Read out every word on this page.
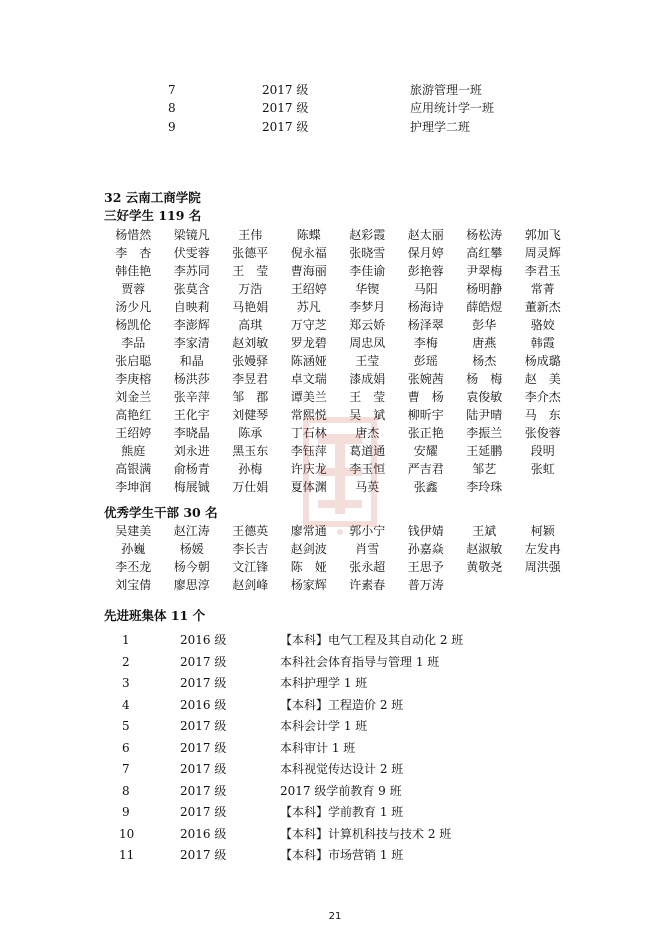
7	2017 级	旅游管理一班
8	2017 级	应用统计学一班
9	2017 级	护理学二班
32 云南工商学院
三好学生 119 名
杨惜然	梁镜凡	王伟	陈蝶	赵彩霞	赵太丽	杨松涛	郭加飞
李　杏	伏雯蓉	张德平	倪永福	张晓雪	保月婷	高红攀	周灵辉
韩佳艳	李苏同	王　莹	曹海丽	李佳谕	彭艳蓉	尹翠梅	李君玉
贾蓉	张莫含	万浩	王绍婷	华锲	马阳	杨明静	常菁
汤少凡	自映莉	马艳娟	苏凡	李梦月	杨海诗	薛皓煜	董新杰
杨凯伦	李澎辉	高琪	万守芝	郑云娇	杨泽翠	彭华	骆姣
李品	李家清	赵刘敏	罗龙碧	周忠凤	李梅	唐燕	韩霞
张启聪	和晶	张嫚驿	陈涵娅	王莹	彭瑶	杨杰	杨成璐
李庚榕	杨洪莎	李昱君	卓文瑞	漆成娟	张婉茜	杨　梅	赵　美
刘金兰	张辛萍	邹　郡	谭美兰	王　莹	曹　杨	袁俊敏	李介杰
高艳红	王化宇	刘健琴	常熙悦	吴　斌	柳昕宇	陆尹晴	马　东
王绍婷	李晓晶	陈承	丁石林	唐杰	张正艳	李振兰	张俊蓉
熊庭	刘永进	黑玉东	李钰萍	葛道通	安耀	王延鹏	段明
高银满	俞杨青	孙梅	许庆龙	李玉恒	严吉君	邹艺	张虹
李坤润	梅展铖	万仕娟	夏体渊	马英	张鑫	李玲珠
优秀学生干部 30 名
吴建美	赵江涛	王德英	廖常通	郭小宁	钱伊婧	王斌	柯颖
孙巍	杨媛	李长吉	赵剑波	肖雪	孙嘉焱	赵淑敏	左发冉
李丕龙	杨今朝	文江锋	陈　娅	张永超	王思予	黄敬尧	周洪强
刘宝倩	廖思淳	赵剑峰	杨家辉	许素春	普万涛
先进班集体 11 个
1	2016 级	【本科】电气工程及其自动化 2 班
2	2017 级	本科社会体育指导与管理 1 班
3	2017 级	本科护理学 1 班
4	2016 级	【本科】工程造价 2 班
5	2017 级	本科会计学 1 班
6	2017 级	本科审计 1 班
7	2017 级	本科视觉传达设计 2 班
8	2017 级	2017 级学前教育 9 班
9	2017 级	【本科】学前教育 1 班
10	2016 级	【本科】计算机科技与技术 2 班
11	2017 级	【本科】市场营销 1 班
21
